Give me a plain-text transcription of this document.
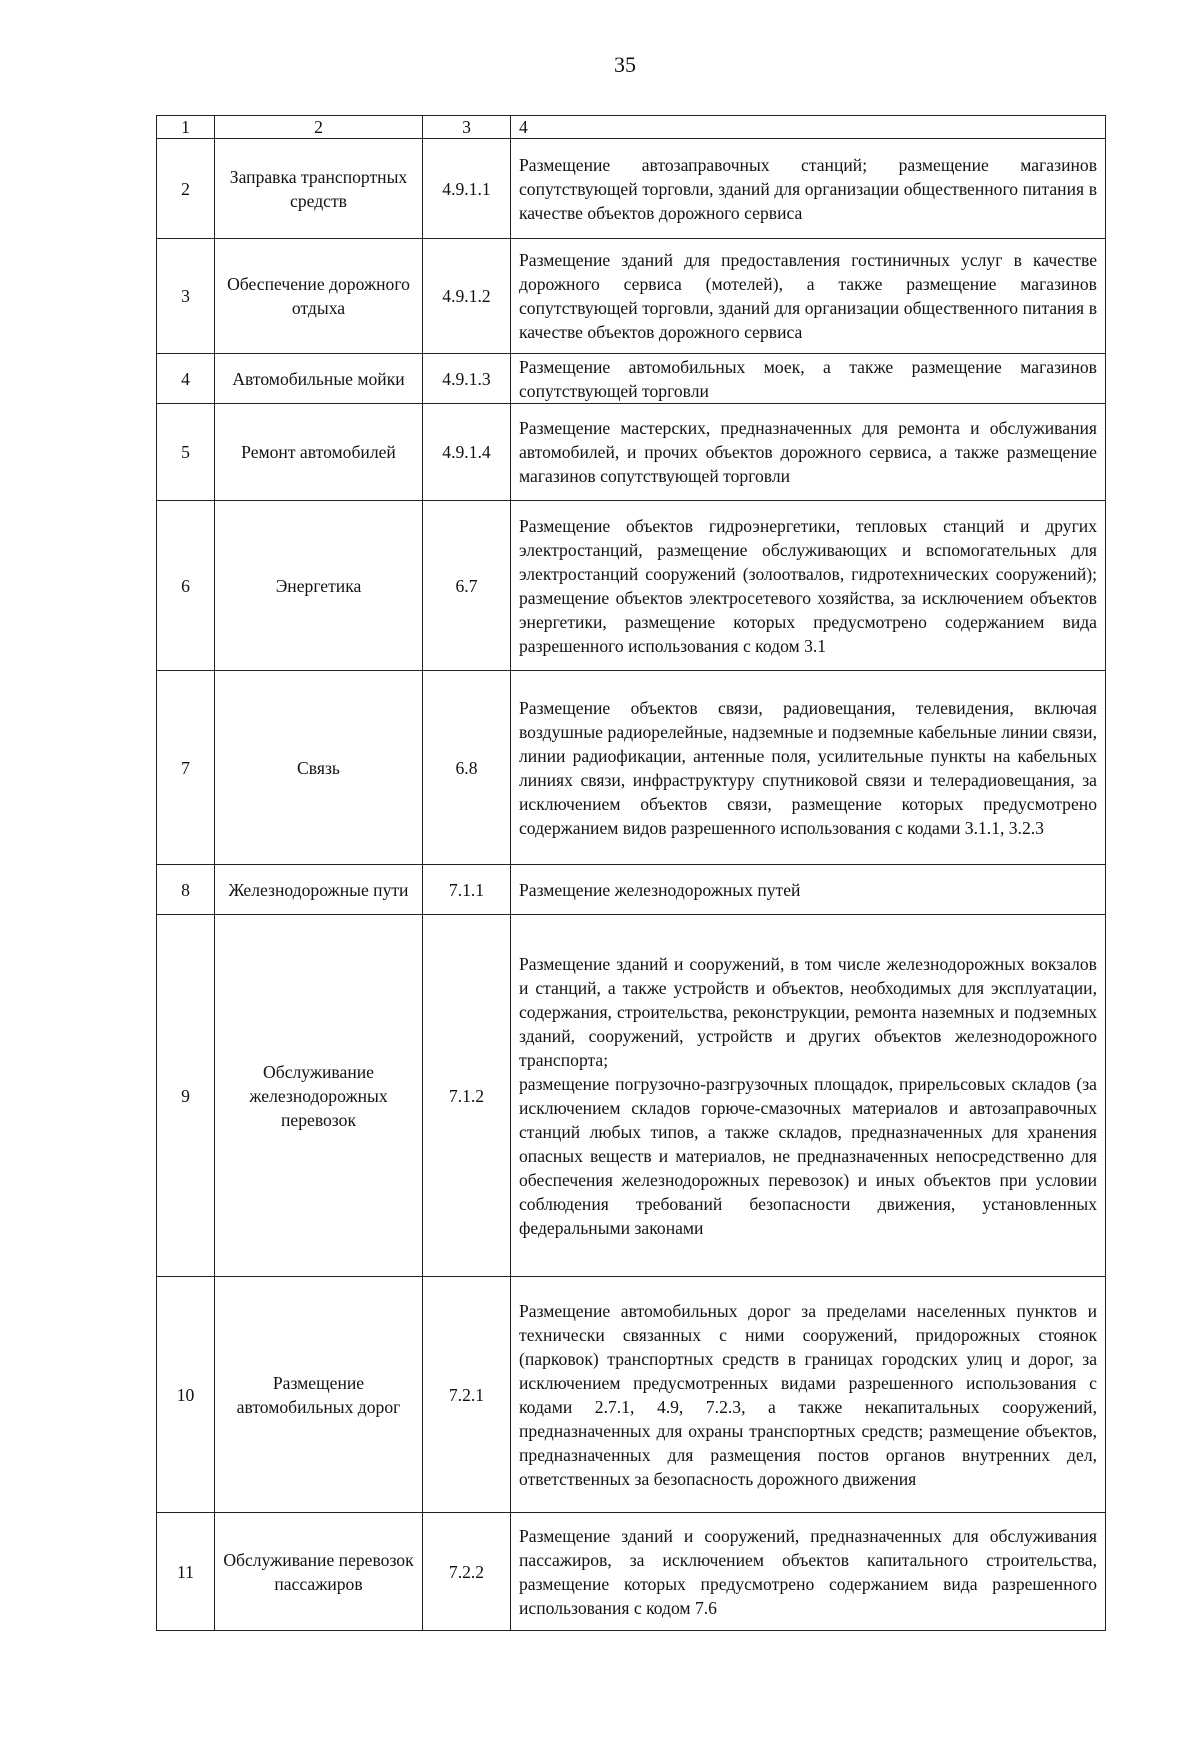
35
1	2	3	4
2	Заправка транспортных средств	4.9.1.1	Размещение автозаправочных станций; размещение магазинов сопутствующей торговли, зданий для организации общественного питания в качестве объектов дорожного сервиса
3	Обеспечение дорожного отдыха	4.9.1.2	Размещение зданий для предоставления гостиничных услуг в качестве дорожного сервиса (мотелей), а также размещение магазинов сопутствующей торговли, зданий для организации общественного питания в качестве объектов дорожного сервиса
4	Автомобильные мойки	4.9.1.3	Размещение автомобильных моек, а также размещение магазинов сопутствующей торговли
5	Ремонт автомобилей	4.9.1.4	Размещение мастерских, предназначенных для ремонта и обслуживания автомобилей, и прочих объектов дорожного сервиса, а также размещение магазинов сопутствующей торговли
6	Энергетика	6.7	Размещение объектов гидроэнергетики, тепловых станций и других электростанций, размещение обслуживающих и вспомогательных для электростанций сооружений (золоотвалов, гидротехнических сооружений); размещение объектов электросетевого хозяйства, за исключением объектов энергетики, размещение которых предусмотрено содержанием вида разрешенного использования с кодом 3.1
7	Связь	6.8	Размещение объектов связи, радиовещания, телевидения, включая воздушные радиорелейные, надземные и подземные кабельные линии связи, линии радиофикации, антенные поля, усилительные пункты на кабельных линиях связи, инфраструктуру спутниковой связи и телерадиовещания, за исключением объектов связи, размещение которых предусмотрено содержанием видов разрешенного использования с кодами 3.1.1, 3.2.3
8	Железнодорожные пути	7.1.1	Размещение железнодорожных путей
9	Обслуживание железнодорожных перевозок	7.1.2	Размещение зданий и сооружений, в том числе железнодорожных вокзалов и станций, а также устройств и объектов, необходимых для эксплуатации, содержания, строительства, реконструкции, ремонта наземных и подземных зданий, сооружений, устройств и других объектов железнодорожного транспорта;
размещение погрузочно-разгрузочных площадок, прирельсовых складов (за исключением складов горюче-смазочных материалов и автозаправочных станций любых типов, а также складов, предназначенных для хранения опасных веществ и материалов, не предназначенных непосредственно для обеспечения железнодорожных перевозок) и иных объектов при условии соблюдения требований безопасности движения, установленных федеральными законами

10	Размещение автомобильных дорог	7.2.1	Размещение автомобильных дорог за пределами населенных пунктов и технически связанных с ними сооружений, придорожных стоянок (парковок) транспортных средств в границах городских улиц и дорог, за исключением предусмотренных видами разрешенного использования с кодами 2.7.1, 4.9, 7.2.3, а также некапитальных сооружений, предназначенных для охраны транспортных средств; размещение объектов, предназначенных для размещения постов органов внутренних дел, ответственных за безопасность дорожного движения
11	Обслуживание перевозок пассажиров	7.2.2	Размещение зданий и сооружений, предназначенных для обслуживания пассажиров, за исключением объектов капитального строительства, размещение которых предусмотрено содержанием вида разрешенного использования с кодом 7.6
